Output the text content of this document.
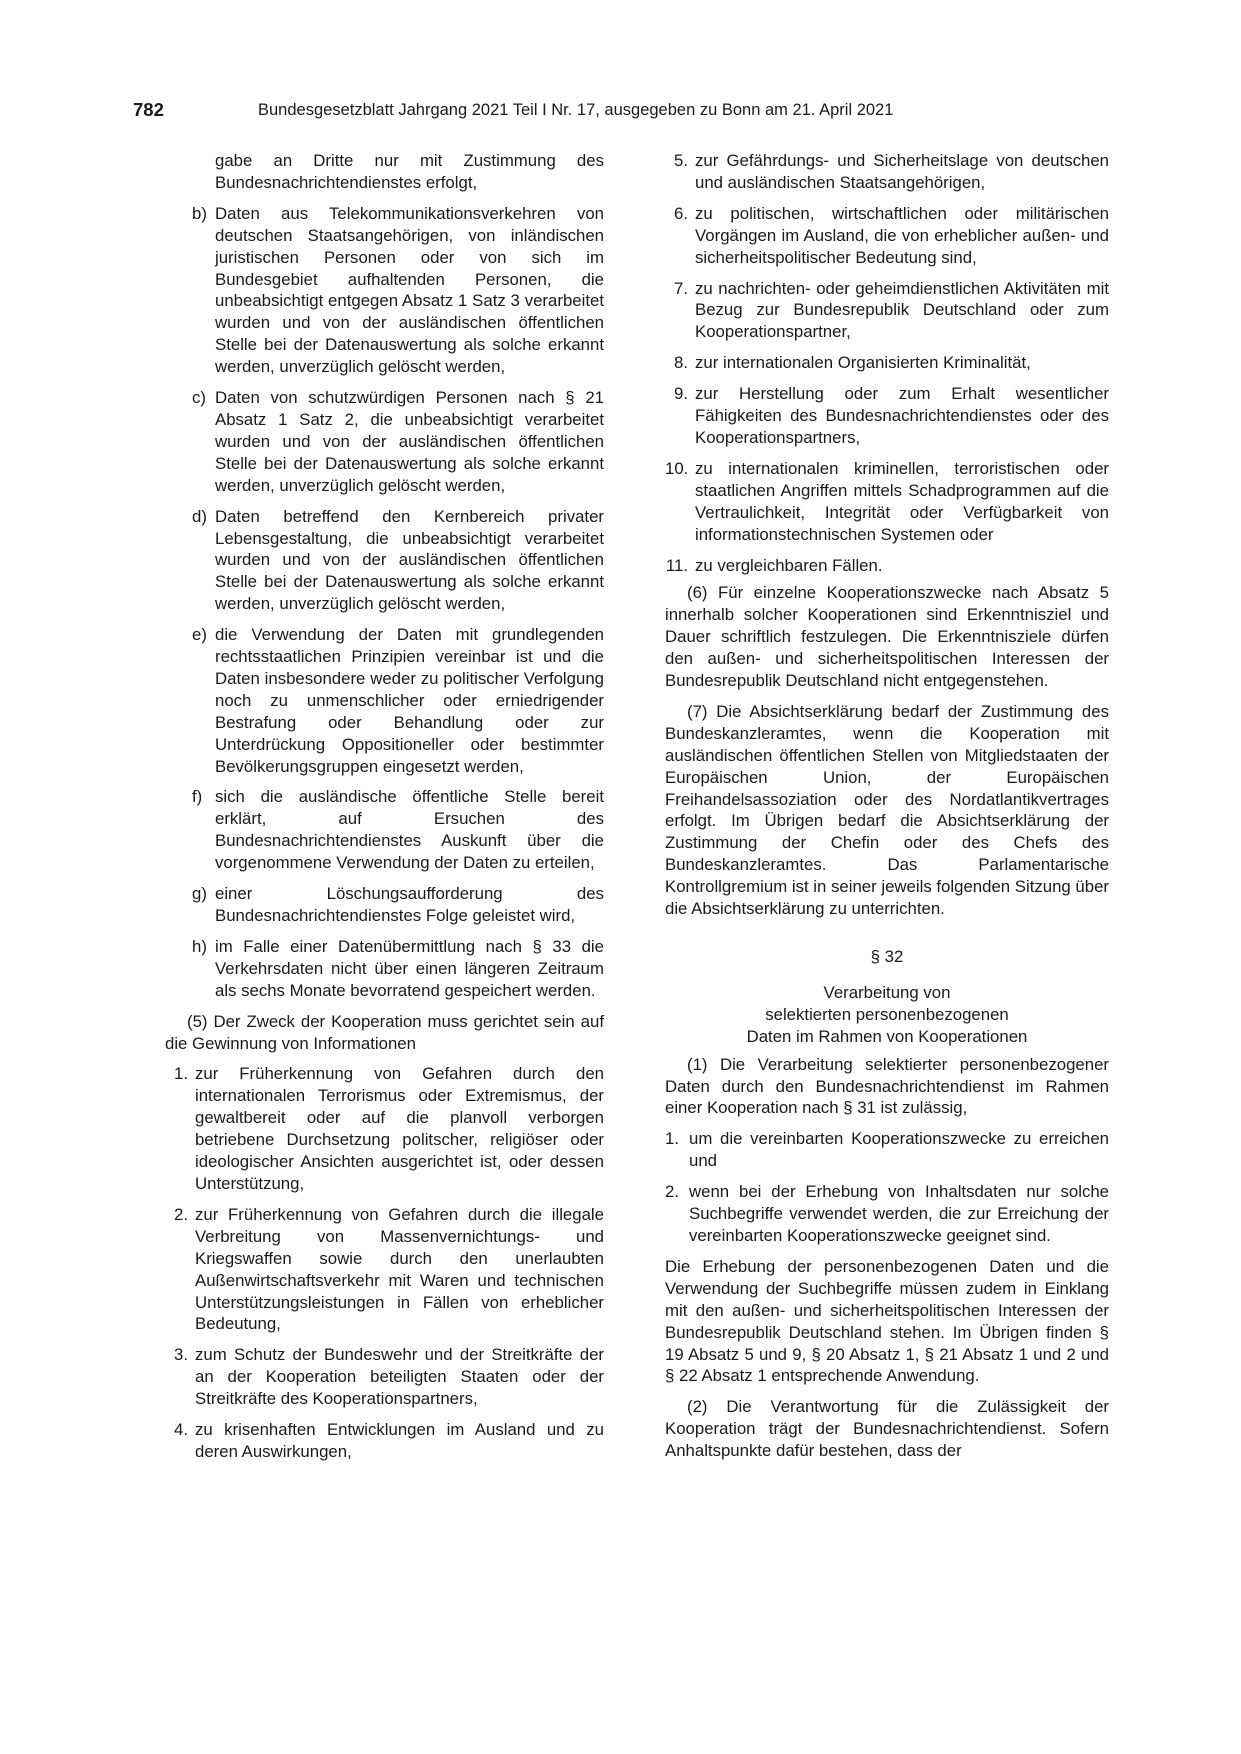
782	Bundesgesetzblatt Jahrgang 2021 Teil I Nr. 17, ausgegeben zu Bonn am 21. April 2021

gabe an Dritte nur mit Zustimmung des Bundesnachrichtendienstes erfolgt,

b) Daten aus Telekommunikationsverkehren von deutschen Staatsangehörigen, von inländischen juristischen Personen oder von sich im Bundesgebiet aufhaltenden Personen, die unbeabsichtigt entgegen Absatz 1 Satz 3 verarbeitet wurden und von der ausländischen öffentlichen Stelle bei der Datenauswertung als solche erkannt werden, unverzüglich gelöscht werden,
c) Daten von schutzwürdigen Personen nach § 21 Absatz 1 Satz 2, die unbeabsichtigt verarbeitet wurden und von der ausländischen öffentlichen Stelle bei der Datenauswertung als solche erkannt werden, unverzüglich gelöscht werden,
d) Daten betreffend den Kernbereich privater Lebensgestaltung, die unbeabsichtigt verarbeitet wurden und von der ausländischen öffentlichen Stelle bei der Datenauswertung als solche erkannt werden, unverzüglich gelöscht werden,
e) die Verwendung der Daten mit grundlegenden rechtsstaatlichen Prinzipien vereinbar ist und die Daten insbesondere weder zu politischer Verfolgung noch zu unmenschlicher oder erniedrigender Bestrafung oder Behandlung oder zur Unterdrückung Oppositioneller oder bestimmter Bevölkerungsgruppen eingesetzt werden,
f) sich die ausländische öffentliche Stelle bereit erklärt, auf Ersuchen des Bundesnachrichtendienstes Auskunft über die vorgenommene Verwendung der Daten zu erteilen,
g) einer Löschungsaufforderung des Bundesnachrichtendienstes Folge geleistet wird,
h) im Falle einer Datenübermittlung nach § 33 die Verkehrsdaten nicht über einen längeren Zeitraum als sechs Monate bevorratend gespeichert werden.

(5) Der Zweck der Kooperation muss gerichtet sein auf die Gewinnung von Informationen

1. zur Früherkennung von Gefahren durch den internationalen Terrorismus oder Extremismus, der gewaltbereit oder auf die planvoll verborgen betriebene Durchsetzung politscher, religiöser oder ideologischer Ansichten ausgerichtet ist, oder dessen Unterstützung,
2. zur Früherkennung von Gefahren durch die illegale Verbreitung von Massenvernichtungs- und Kriegswaffen sowie durch den unerlaubten Außenwirtschaftsverkehr mit Waren und technischen Unterstützungsleistungen in Fällen von erheblicher Bedeutung,
3. zum Schutz der Bundeswehr und der Streitkräfte der an der Kooperation beteiligten Staaten oder der Streitkräfte des Kooperationspartners,
4. zu krisenhaften Entwicklungen im Ausland und zu deren Auswirkungen,
5. zur Gefährdungs- und Sicherheitslage von deutschen und ausländischen Staatsangehörigen,
6. zu politischen, wirtschaftlichen oder militärischen Vorgängen im Ausland, die von erheblicher außen- und sicherheitspolitischer Bedeutung sind,
7. zu nachrichten- oder geheimdienstlichen Aktivitäten mit Bezug zur Bundesrepublik Deutschland oder zum Kooperationspartner,
8. zur internationalen Organisierten Kriminalität,
9. zur Herstellung oder zum Erhalt wesentlicher Fähigkeiten des Bundesnachrichtendienstes oder des Kooperationspartners,
10. zu internationalen kriminellen, terroristischen oder staatlichen Angriffen mittels Schadprogrammen auf die Vertraulichkeit, Integrität oder Verfügbarkeit von informationstechnischen Systemen oder
11. zu vergleichbaren Fällen.

(6) Für einzelne Kooperationszwecke nach Absatz 5 innerhalb solcher Kooperationen sind Erkenntnisziel und Dauer schriftlich festzulegen. Die Erkenntnisziele dürfen den außen- und sicherheitspolitischen Interessen der Bundesrepublik Deutschland nicht entgegenstehen.

(7) Die Absichtserklärung bedarf der Zustimmung des Bundeskanzleramtes, wenn die Kooperation mit ausländischen öffentlichen Stellen von Mitgliedstaaten der Europäischen Union, der Europäischen Freihandelsassoziation oder des Nordatlantikvertrages erfolgt. Im Übrigen bedarf die Absichtserklärung der Zustimmung der Chefin oder des Chefs des Bundeskanzleramtes. Das Parlamentarische Kontrollgremium ist in seiner jeweils folgenden Sitzung über die Absichtserklärung zu unterrichten.

§ 32

Verarbeitung von
selektierten personenbezogenen
Daten im Rahmen von Kooperationen

(1) Die Verarbeitung selektierter personenbezogener Daten durch den Bundesnachrichtendienst im Rahmen einer Kooperation nach § 31 ist zulässig,

1. um die vereinbarten Kooperationszwecke zu erreichen und
2. wenn bei der Erhebung von Inhaltsdaten nur solche Suchbegriffe verwendet werden, die zur Erreichung der vereinbarten Kooperationszwecke geeignet sind.

Die Erhebung der personenbezogenen Daten und die Verwendung der Suchbegriffe müssen zudem in Einklang mit den außen- und sicherheitspolitischen Interessen der Bundesrepublik Deutschland stehen. Im Übrigen finden § 19 Absatz 5 und 9, § 20 Absatz 1, § 21 Absatz 1 und 2 und § 22 Absatz 1 entsprechende Anwendung.

(2) Die Verantwortung für die Zulässigkeit der Kooperation trägt der Bundesnachrichtendienst. Sofern Anhaltspunkte dafür bestehen, dass der
